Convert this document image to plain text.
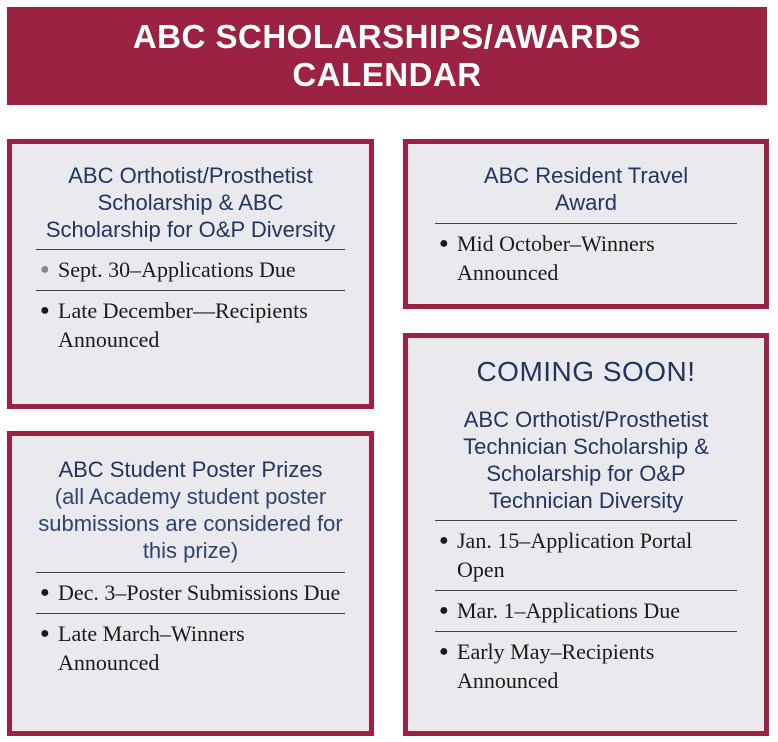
ABC SCHOLARSHIPS/AWARDS CALENDAR
ABC Orthotist/Prosthetist Scholarship & ABC Scholarship for O&P Diversity
● Sept. 30–Applications Due
● Late December—Recipients Announced
ABC Resident Travel Award
● Mid October–Winners Announced
ABC Student Poster Prizes
(all Academy student poster submissions are considered for this prize)
● Dec. 3–Poster Submissions Due
● Late March–Winners Announced
COMING SOON!
ABC Orthotist/Prosthetist Technician Scholarship & Scholarship for O&P Technician Diversity
● Jan. 15–Application Portal Open
● Mar. 1–Applications Due
● Early May–Recipients Announced
